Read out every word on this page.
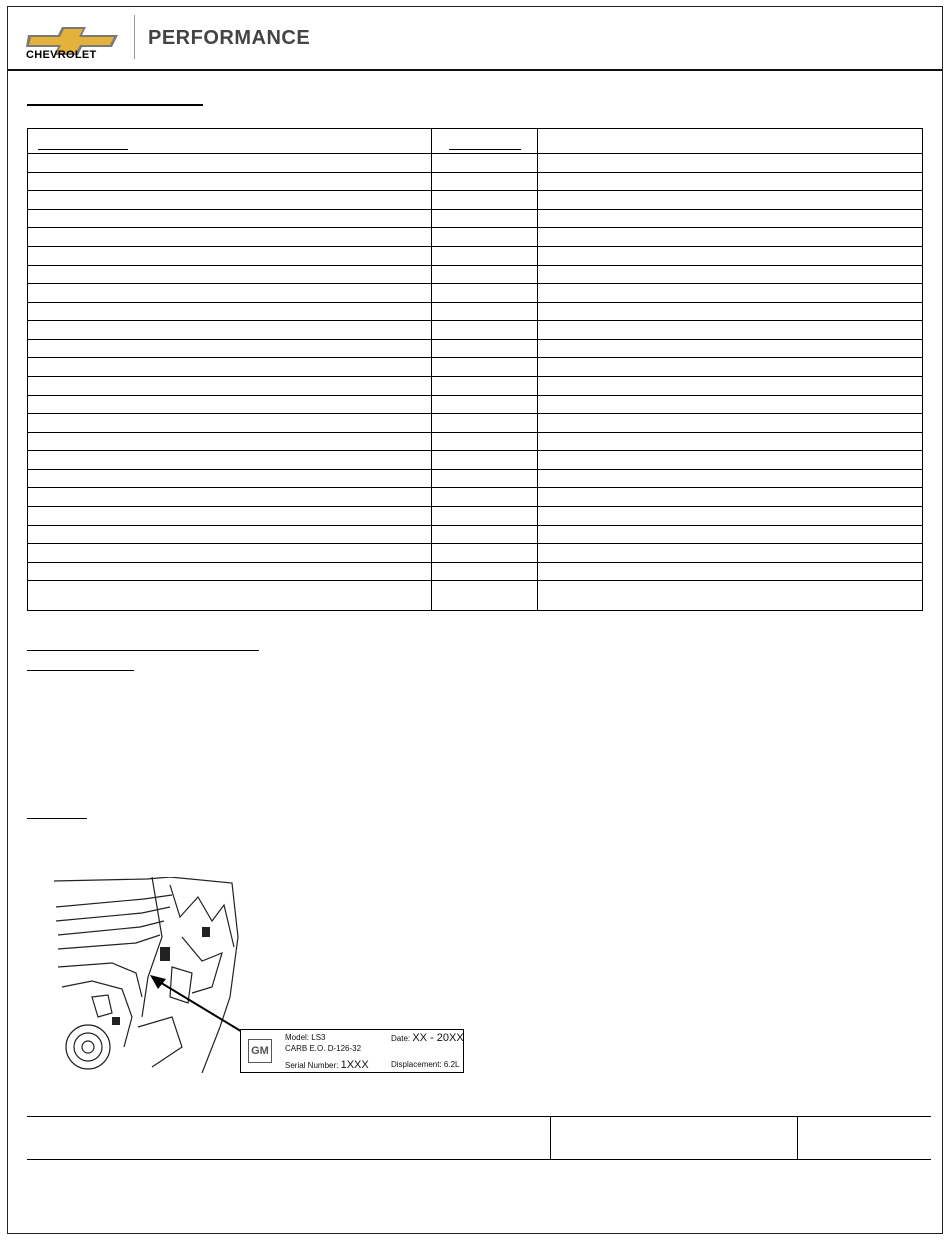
CHEVROLET
PERFORMANCE
GM
Model: LS3
CARB E.O. D-126-32
Serial Number: 1XXX
Date: XX - 20XX
Displacement: 6.2L
